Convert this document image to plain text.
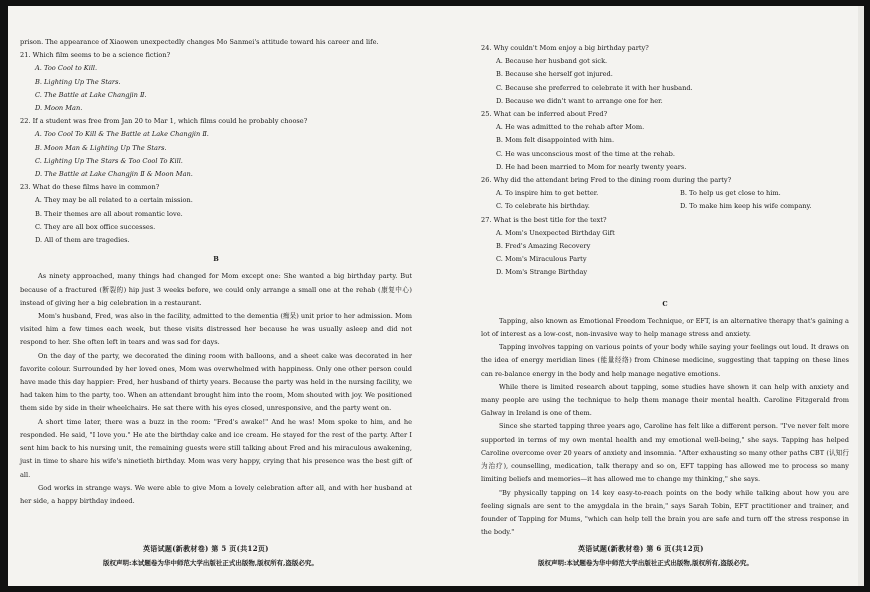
prison. The appearance of Xiaowen unexpectedly changes Mo Sanmei's attitude toward his career and life.
21. Which film seems to be a science fiction?
A. Too Cool to Kill.
B. Lighting Up The Stars.
C. The Battle at Lake Changjin Ⅱ.
D. Moon Man.
22. If a student was free from Jan 20 to Mar 1, which films could he probably choose?
A. Too Cool To Kill & The Battle at Lake Changjin Ⅱ.
B. Moon Man & Lighting Up The Stars.
C. Lighting Up The Stars & Too Cool To Kill.
D. The Battle at Lake Changjin Ⅱ & Moon Man.
23. What do these films have in common?
A. They may be all related to a certain mission.
B. Their themes are all about romantic love.
C. They are all box office successes.
D. All of them are tragedies.
B

As ninety approached, many things had changed for Mom except one: She wanted a big birthday party. But because of a fractured (断裂的) hip just 3 weeks before, we could only arrange a small one at the rehab (康复中心) instead of giving her a big celebration in a restaurant.

Mom's husband, Fred, was also in the facility, admitted to the dementia (痴呆) unit prior to her admission. Mom visited him a few times each week, but these visits distressed her because he was usually asleep and did not respond to her. She often left in tears and was sad for days.

On the day of the party, we decorated the dining room with balloons, and a sheet cake was decorated in her favorite colour. Surrounded by her loved ones, Mom was overwhelmed with happiness. Only one other person could have made this day happier: Fred, her husband of thirty years. Because the party was held in the nursing facility, we had taken him to the party, too. When an attendant brought him into the room, Mom shouted with joy. We positioned them side by side in their wheelchairs. He sat there with his eyes closed, unresponsive, and the party went on.

A short time later, there was a buzz in the room: "Fred's awake!" And he was! Mom spoke to him, and he responded. He said, "I love you." He ate the birthday cake and ice cream. He stayed for the rest of the party. After I sent him back to his nursing unit, the remaining guests were still talking about Fred and his miraculous awakening, just in time to share his wife's ninetieth birthday. Mom was very happy, crying that his presence was the best gift of all.

God works in strange ways. We were able to give Mom a lovely celebration after all, and with her husband at her side, a happy birthday indeed.

英语试题(新教材卷) 第 5 页(共12页)
版权声明:本试题卷为华中师范大学出版社正式出版物,版权所有,盗版必究。
24. Why couldn't Mom enjoy a big birthday party?
A. Because her husband got sick.
B. Because she herself got injured.
C. Because she preferred to celebrate it with her husband.
D. Because we didn't want to arrange one for her.
25. What can be inferred about Fred?
A. He was admitted to the rehab after Mom.
B. Mom felt disappointed with him.
C. He was unconscious most of the time at the rehab.
D. He had been married to Mom for nearly twenty years.
26. Why did the attendant bring Fred to the dining room during the party?
A. To inspire him to get better.	B. To help us get close to him.
C. To celebrate his birthday.	D. To make him keep his wife company.
27. What is the best title for the text?
A. Mom's Unexpected Birthday Gift
B. Fred's Amazing Recovery
C. Mom's Miraculous Party
D. Mom's Strange Birthday
C

Tapping, also known as Emotional Freedom Technique, or EFT, is an alternative therapy that's gaining a lot of interest as a low-cost, non-invasive way to help manage stress and anxiety.

Tapping involves tapping on various points of your body while saying your feelings out loud. It draws on the idea of energy meridian lines (能量经络) from Chinese medicine, suggesting that tapping on these lines can re-balance energy in the body and help manage negative emotions.

While there is limited research about tapping, some studies have shown it can help with anxiety and many people are using the technique to help them manage their mental health. Caroline Fitzgerald from Galway in Ireland is one of them.

Since she started tapping three years ago, Caroline has felt like a different person. "I've never felt more supported in terms of my own mental health and my emotional well-being," she says. Tapping has helped Caroline overcome over 20 years of anxiety and insomnia. "After exhausting so many other paths CBT (认知行为治疗), counselling, medication, talk therapy and so on, EFT tapping has allowed me to process so many limiting beliefs and memories—it has allowed me to change my thinking," she says.

"By physically tapping on 14 key easy-to-reach points on the body while talking about how you are feeling signals are sent to the amygdala in the brain," says Sarah Tobin, EFT practitioner and trainer, and founder of Tapping for Mums, "which can help tell the brain you are safe and turn off the stress response in the body."

英语试题(新教材卷) 第 6 页(共12页)
版权声明:本试题卷为华中师范大学出版社正式出版物,版权所有,盗版必究。
